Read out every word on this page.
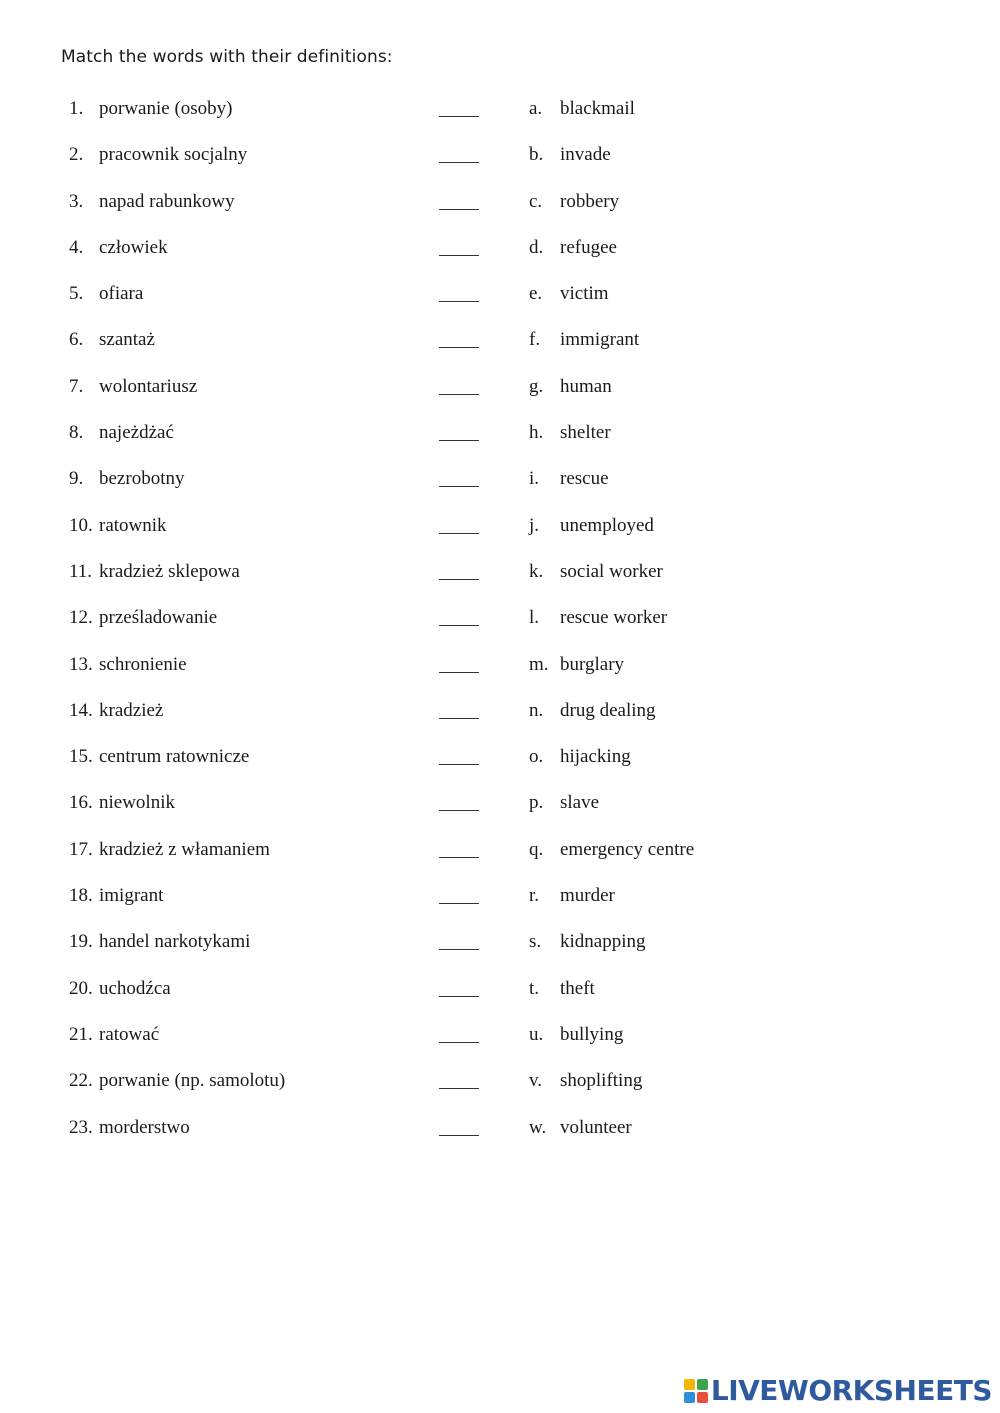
Match the words with their definitions:
1. porwanie (osoby)	a. blackmail
2. pracownik socjalny	b. invade
3. napad rabunkowy	c. robbery
4. człowiek	d. refugee
5. ofiara	e. victim
6. szantaż	f. immigrant
7. wolontariusz	g. human
8. najeżdżać	h. shelter
9. bezrobotny	i. rescue
10. ratownik	j. unemployed
11. kradzież sklepowa	k. social worker
12. prześladowanie	l. rescue worker
13. schronienie	m. burglary
14. kradzież	n. drug dealing
15. centrum ratownicze	o. hijacking
16. niewolnik	p. slave
17. kradzież z włamaniem	q. emergency centre
18. imigrant	r. murder
19. handel narkotykami	s. kidnapping
20. uchodźca	t. theft
21. ratować	u. bullying
22. porwanie (np. samolotu)	v. shoplifting
23. morderstwo	w. volunteer
LIVEWORKSHEETS
